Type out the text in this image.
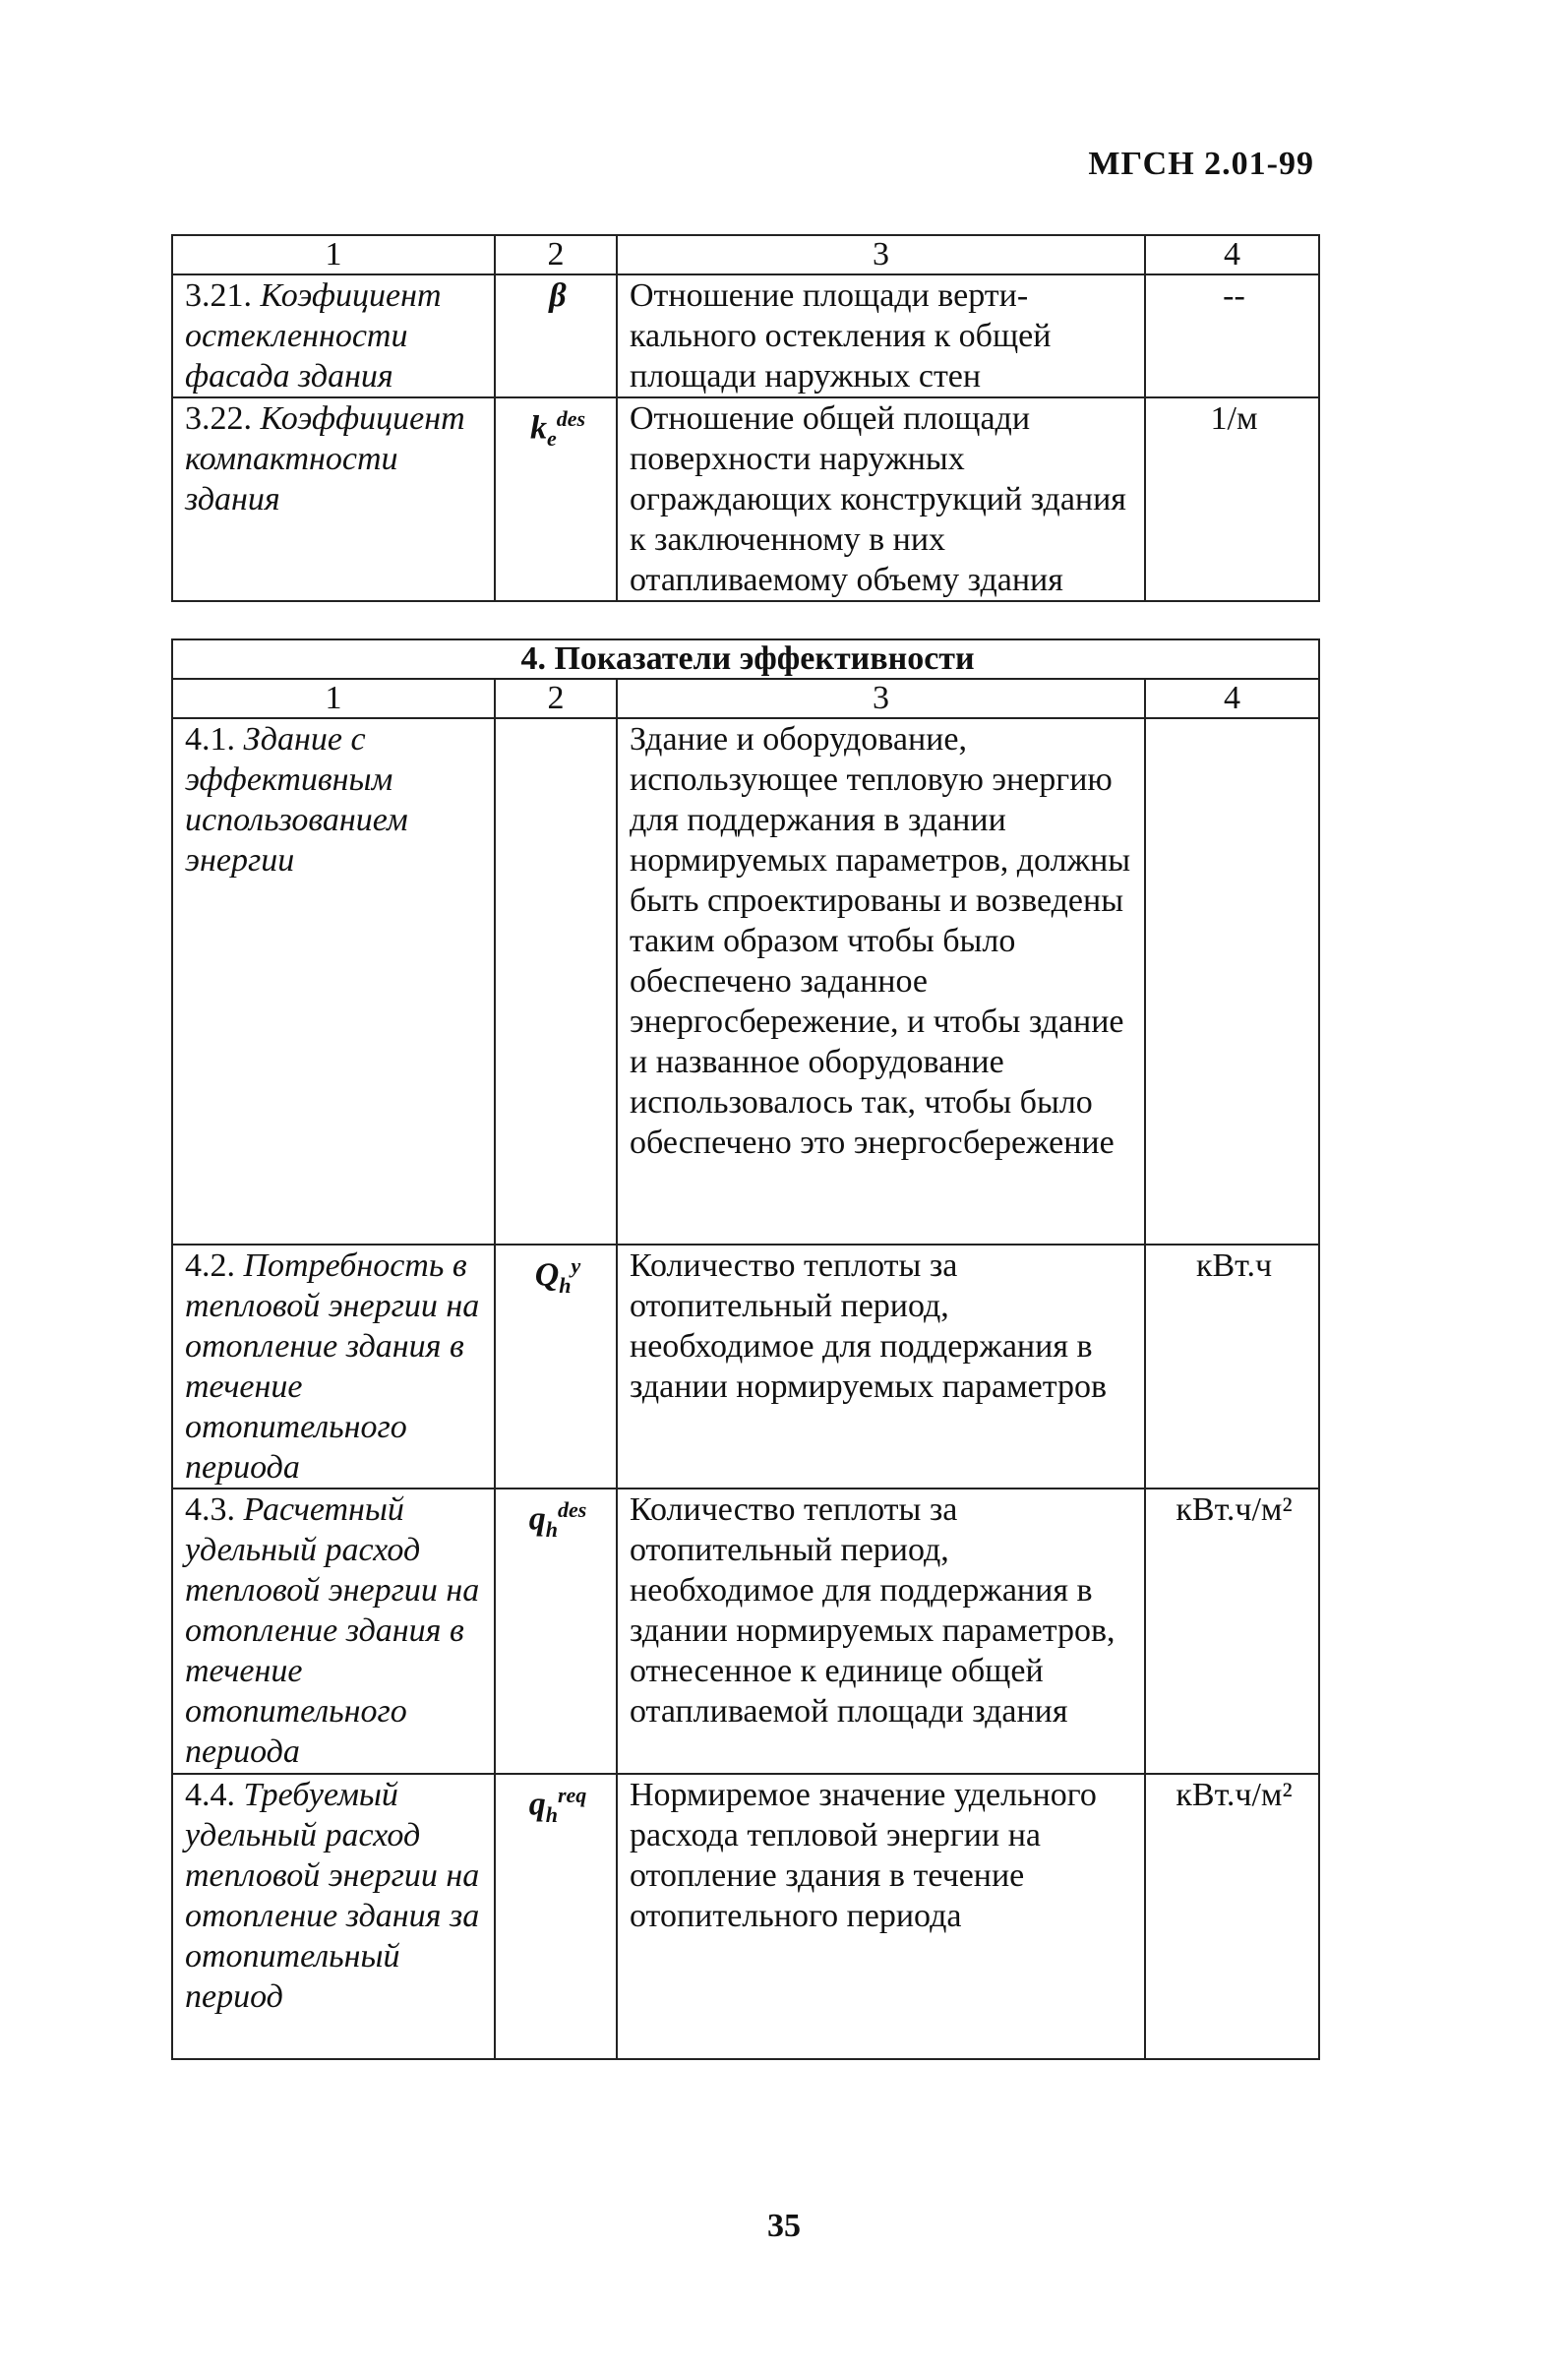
МГСН 2.01-99
1	2	3	4
3.21. Коэфициент остекленности фасада здания	β	Отношение площади верти-кального остекления к общей площади наружных стен	--
3.22. Коэффициент компактности здания	$k_e^{des}$	Отношение общей площади поверхности наружных ограждающих конструкций здания к заключенному в них отапливаемому объему здания	1/м
4. Показатели эффективности			
1	2	3	4
4.1. Здание с эффективным использованием энергии		Здание и оборудование, использующее тепловую энергию для поддержания в здании нормируемых параметров, должны быть спроектированы и возведены таким образом чтобы было обеспечено заданное энергосбережение, и чтобы здание и названное оборудование использовалось так, чтобы было обеспечено это энергосбережение	
4.2. Потребность в тепловой энергии на отопление здания в течение отопительного периода	$Q_h^y$	Количество теплоты за отопительный период, необходимое для поддержания в здании нормируемых параметров	кВт.ч
4.3. Расчетный удельный расход тепловой энергии на отопление здания в течение отопительного периода	$q_h^{des}$	Количество теплоты за отопительный период, необходимое для поддержания в здании нормируемых параметров, отнесенное к единице общей отапливаемой площади здания	кВт.ч/м²
4.4. Требуемый удельный расход тепловой энергии на отопление здания за отопительный период	$q_h^{req}$	Нормиремое значение удельного расхода тепловой энергии на отопление здания в течение отопительного периода	кВт.ч/м²
35
